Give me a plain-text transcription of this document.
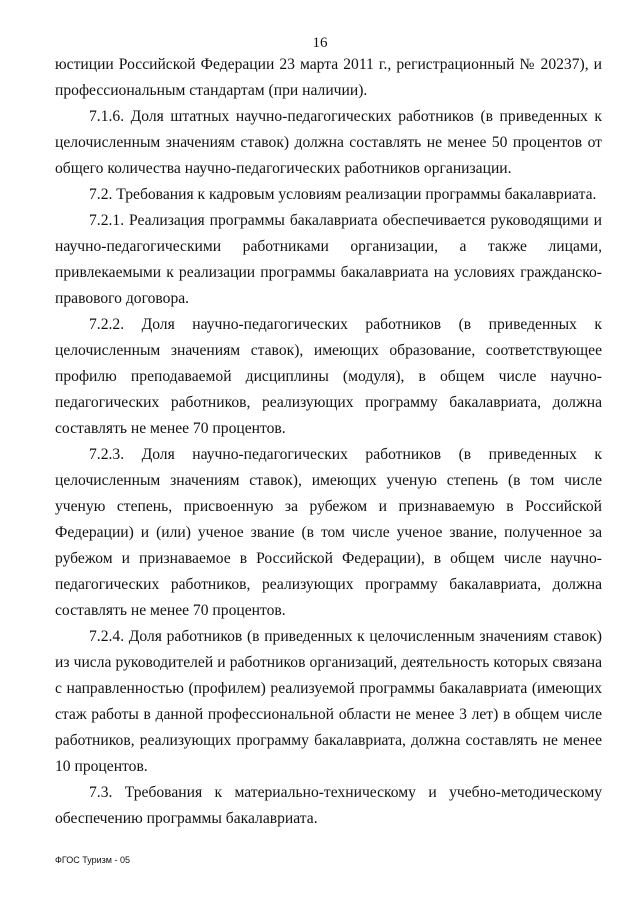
16

юстиции Российской Федерации 23 марта 2011 г., регистрационный № 20237), и профессиональным стандартам (при наличии).

7.1.6. Доля штатных научно-педагогических работников (в приведенных к целочисленным значениям ставок) должна составлять не менее 50 процентов от общего количества научно-педагогических работников организации.

7.2. Требования к кадровым условиям реализации программы бакалавриата.

7.2.1. Реализация программы бакалавриата обеспечивается руководящими и научно-педагогическими работниками организации, а также лицами, привлекаемыми к реализации программы бакалавриата на условиях гражданско-правового договора.

7.2.2. Доля научно-педагогических работников (в приведенных к целочисленным значениям ставок), имеющих образование, соответствующее профилю преподаваемой дисциплины (модуля), в общем числе научно-педагогических работников, реализующих программу бакалавриата, должна составлять не менее 70 процентов.

7.2.3. Доля научно-педагогических работников (в приведенных к целочисленным значениям ставок), имеющих ученую степень (в том числе ученую степень, присвоенную за рубежом и признаваемую в Российской Федерации) и (или) ученое звание (в том числе ученое звание, полученное за рубежом и признаваемое в Российской Федерации), в общем числе научно-педагогических работников, реализующих программу бакалавриата, должна составлять не менее 70 процентов.

7.2.4. Доля работников (в приведенных к целочисленным значениям ставок) из числа руководителей и работников организаций, деятельность которых связана с направленностью (профилем) реализуемой программы бакалавриата (имеющих стаж работы в данной профессиональной области не менее 3 лет) в общем числе работников, реализующих программу бакалавриата, должна составлять не менее 10 процентов.

7.3. Требования к материально-техническому и учебно-методическому обеспечению программы бакалавриата.

ФГОС Туризм - 05
